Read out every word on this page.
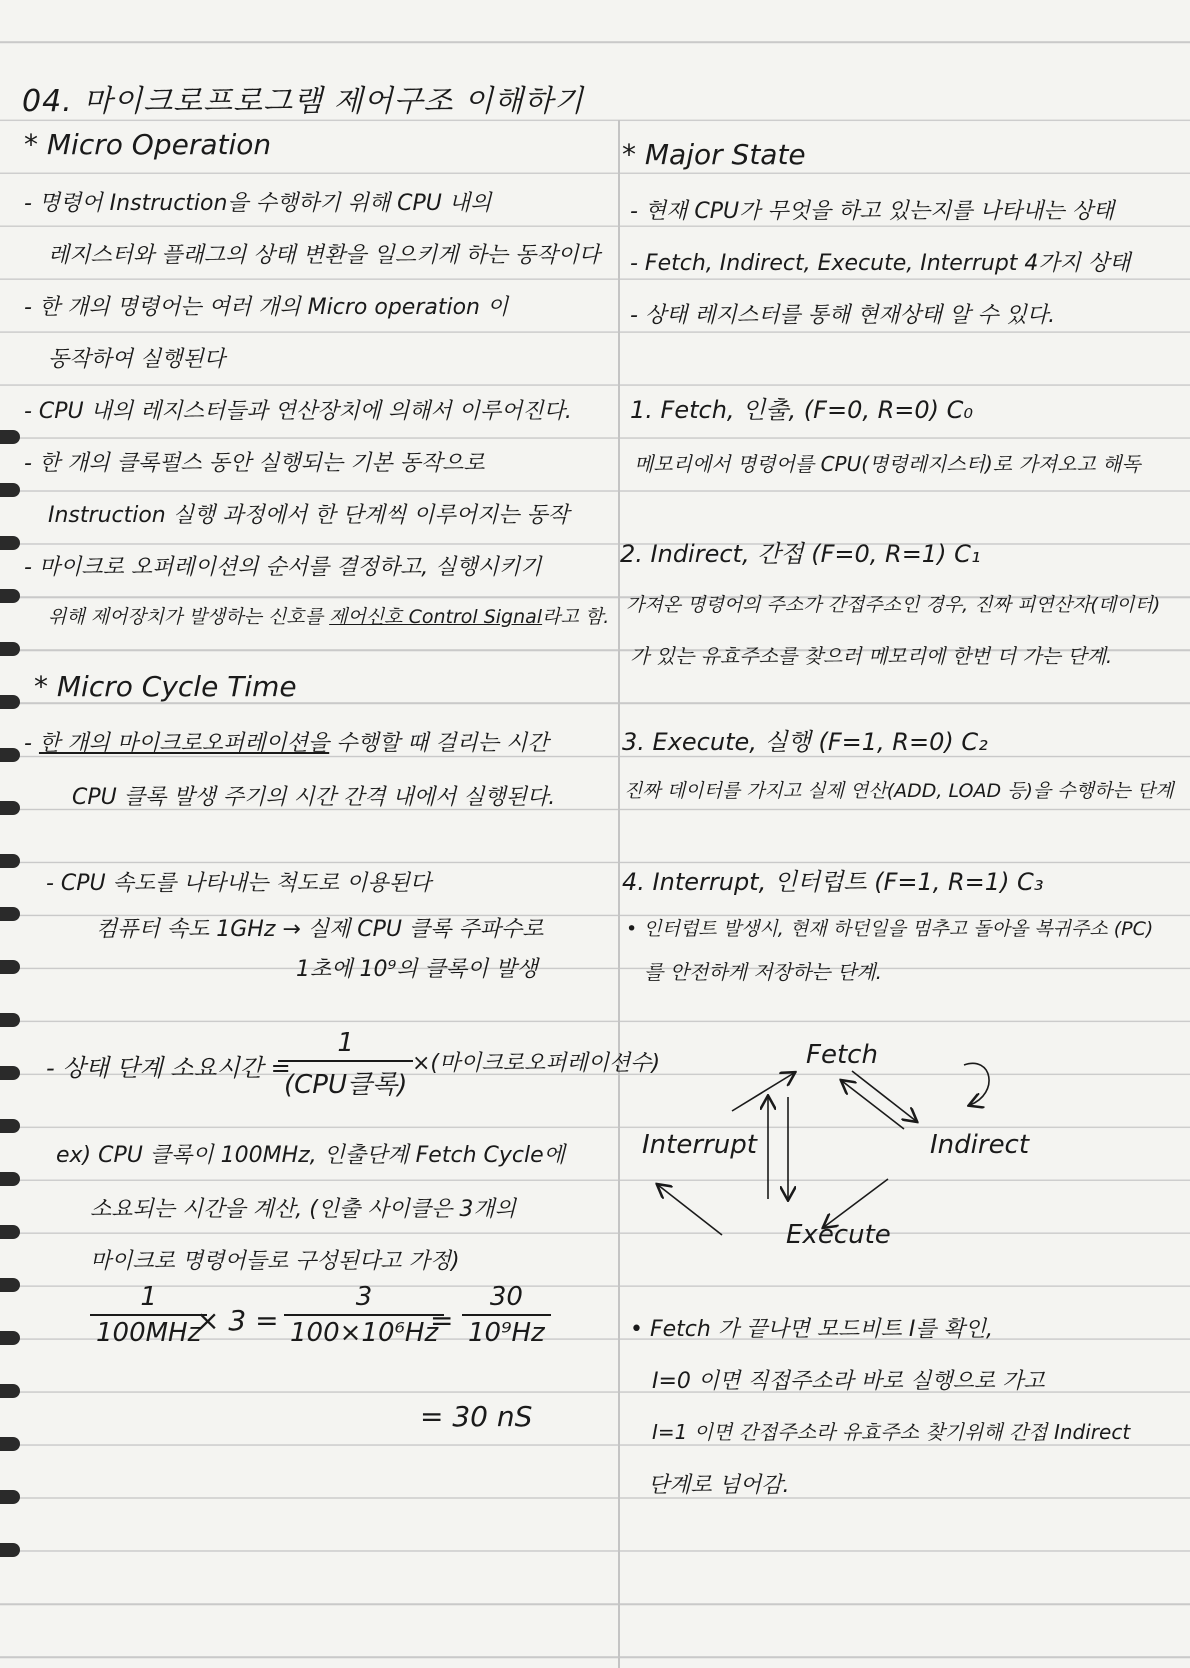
04. 마이크로프로그램 제어구조 이해하기
* Micro Operation
- 명령어 Instruction을 수행하기 위해 CPU 내의
레지스터와 플래그의 상태 변환을 일으키게 하는 동작이다
- 한 개의 명령어는 여러 개의 Micro operation 이
동작하여 실행된다
- CPU 내의 레지스터들과 연산장치에 의해서 이루어진다.
- 한 개의 클록펄스 동안 실행되는 기본 동작으로
Instruction 실행 과정에서 한 단계씩 이루어지는 동작
- 마이크로 오퍼레이션의 순서를 결정하고, 실행시키기
위해 제어장치가 발생하는 신호를 제어신호 Control Signal라고 함.
* Micro Cycle Time
- 한 개의 마이크로오퍼레이션을 수행할 때 걸리는 시간
CPU 클록 발생 주기의 시간 간격 내에서 실행된다.
- CPU 속도를 나타내는 척도로 이용된다
컴퓨터 속도 1GHz → 실제 CPU 클록 주파수로
1초에 10⁹의 클록이 발생
- 상태 단계 소요시간 =
1
(CPU클록)
×(마이크로오퍼레이션수)
ex) CPU 클록이 100MHz, 인출단계 Fetch Cycle에
소요되는 시간을 계산, (인출 사이클은 3개의
마이크로 명령어들로 구성된다고 가정)
1
100MHz
× 3 =
3
100×10⁶Hz
=
30
10⁹Hz
= 30 nS
* Major State
- 현재 CPU가 무엇을 하고 있는지를 나타내는 상태
- Fetch, Indirect, Execute, Interrupt 4가지 상태
- 상태 레지스터를 통해 현재상태 알 수 있다.
1. Fetch, 인출, (F=0, R=0) C₀
메모리에서 명령어를 CPU(명령레지스터)로 가져오고 해독
2. Indirect, 간접 (F=0, R=1) C₁
가져온 명령어의 주소가 간접주소인 경우, 진짜 피연산자(데이터)
가 있는 유효주소를 찾으러 메모리에 한번 더 가는 단계.
3. Execute, 실행 (F=1, R=0) C₂
진짜 데이터를 가지고 실제 연산(ADD, LOAD 등)을 수행하는 단계
4. Interrupt, 인터럽트 (F=1, R=1) C₃
• 인터럽트 발생시, 현재 하던일을 멈추고 돌아올 복귀주소 (PC)
를 안전하게 저장하는 단계.
Fetch
Indirect
Execute
Interrupt
• Fetch 가 끝나면 모드비트 I를 확인,
I=0 이면 직접주소라 바로 실행으로 가고
I=1 이면 간접주소라 유효주소 찾기위해 간접 Indirect
단계로 넘어감.
